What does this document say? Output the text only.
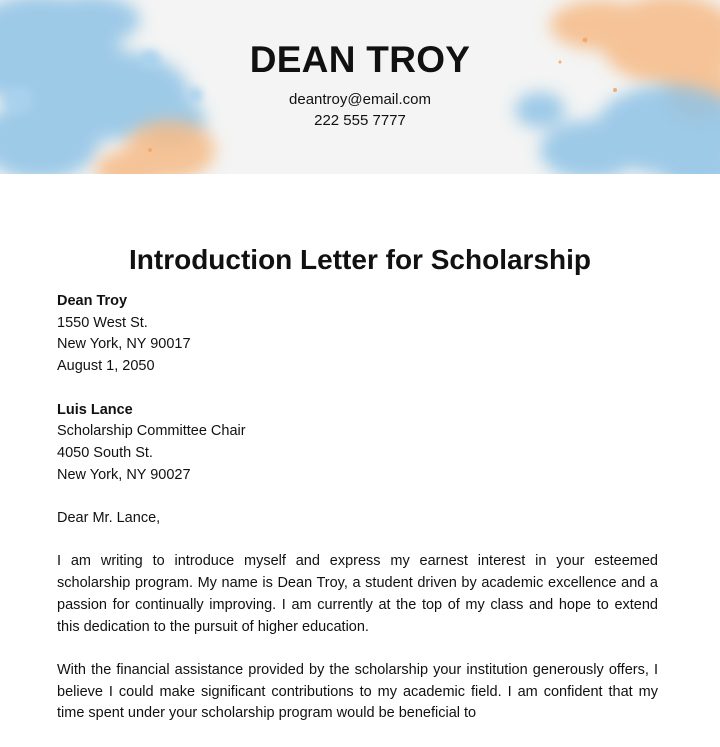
DEAN TROY
deantroy@email.com
222 555 7777
Introduction Letter for Scholarship

Dean Troy

1550 West St.

New York, NY 90017

August 1, 2050

Luis Lance

Scholarship Committee Chair

4050 South St.

New York, NY 90027

Dear Mr. Lance,

I am writing to introduce myself and express my earnest interest in your esteemed scholarship program. My name is Dean Troy, a student driven by academic excellence and a passion for continually improving. I am currently at the top of my class and hope to extend this dedication to the pursuit of higher education.

With the financial assistance provided by the scholarship your institution generously offers, I believe I could make significant contributions to my academic field. I am confident that my time spent under your scholarship program would be beneficial to
